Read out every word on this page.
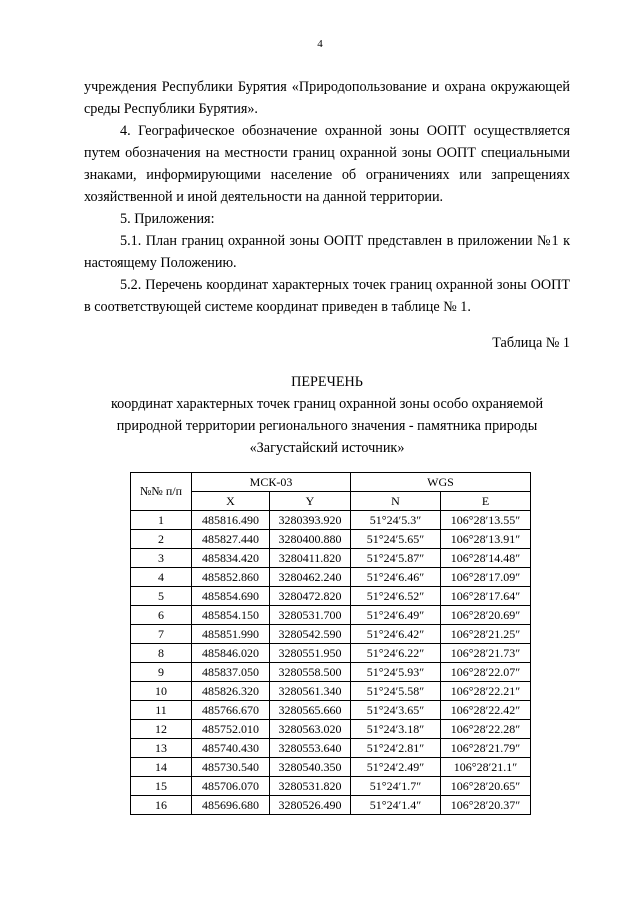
4

учреждения Республики Бурятия «Природопользование и охрана окружающей среды Республики Бурятия».

4. Географическое обозначение охранной зоны ООПТ осуществляется путем обозначения на местности границ охранной зоны ООПТ специальными знаками, информирующими население об ограничениях или запрещениях хозяйственной и иной деятельности на данной территории.

5. Приложения:

5.1. План границ охранной зоны ООПТ представлен в приложении №1 к настоящему Положению.

5.2. Перечень координат характерных точек границ охранной зоны ООПТ в соответствующей системе координат приведен в таблице № 1.

Таблица № 1
ПЕРЕЧЕНЬ
координат характерных точек границ охранной зоны особо охраняемой
природной территории регионального значения - памятника природы
«Загустайский источник»
№№ п/п	МСК-03		WGS	
	X	Y	N	E
1	485816.490	3280393.920	51°24′5.3″	106°28′13.55″
2	485827.440	3280400.880	51°24′5.65″	106°28′13.91″
3	485834.420	3280411.820	51°24′5.87″	106°28′14.48″
4	485852.860	3280462.240	51°24′6.46″	106°28′17.09″
5	485854.690	3280472.820	51°24′6.52″	106°28′17.64″
6	485854.150	3280531.700	51°24′6.49″	106°28′20.69″
7	485851.990	3280542.590	51°24′6.42″	106°28′21.25″
8	485846.020	3280551.950	51°24′6.22″	106°28′21.73″
9	485837.050	3280558.500	51°24′5.93″	106°28′22.07″
10	485826.320	3280561.340	51°24′5.58″	106°28′22.21″
11	485766.670	3280565.660	51°24′3.65″	106°28′22.42″
12	485752.010	3280563.020	51°24′3.18″	106°28′22.28″
13	485740.430	3280553.640	51°24′2.81″	106°28′21.79″
14	485730.540	3280540.350	51°24′2.49″	106°28′21.1″
15	485706.070	3280531.820	51°24′1.7″	106°28′20.65″
16	485696.680	3280526.490	51°24′1.4″	106°28′20.37″
